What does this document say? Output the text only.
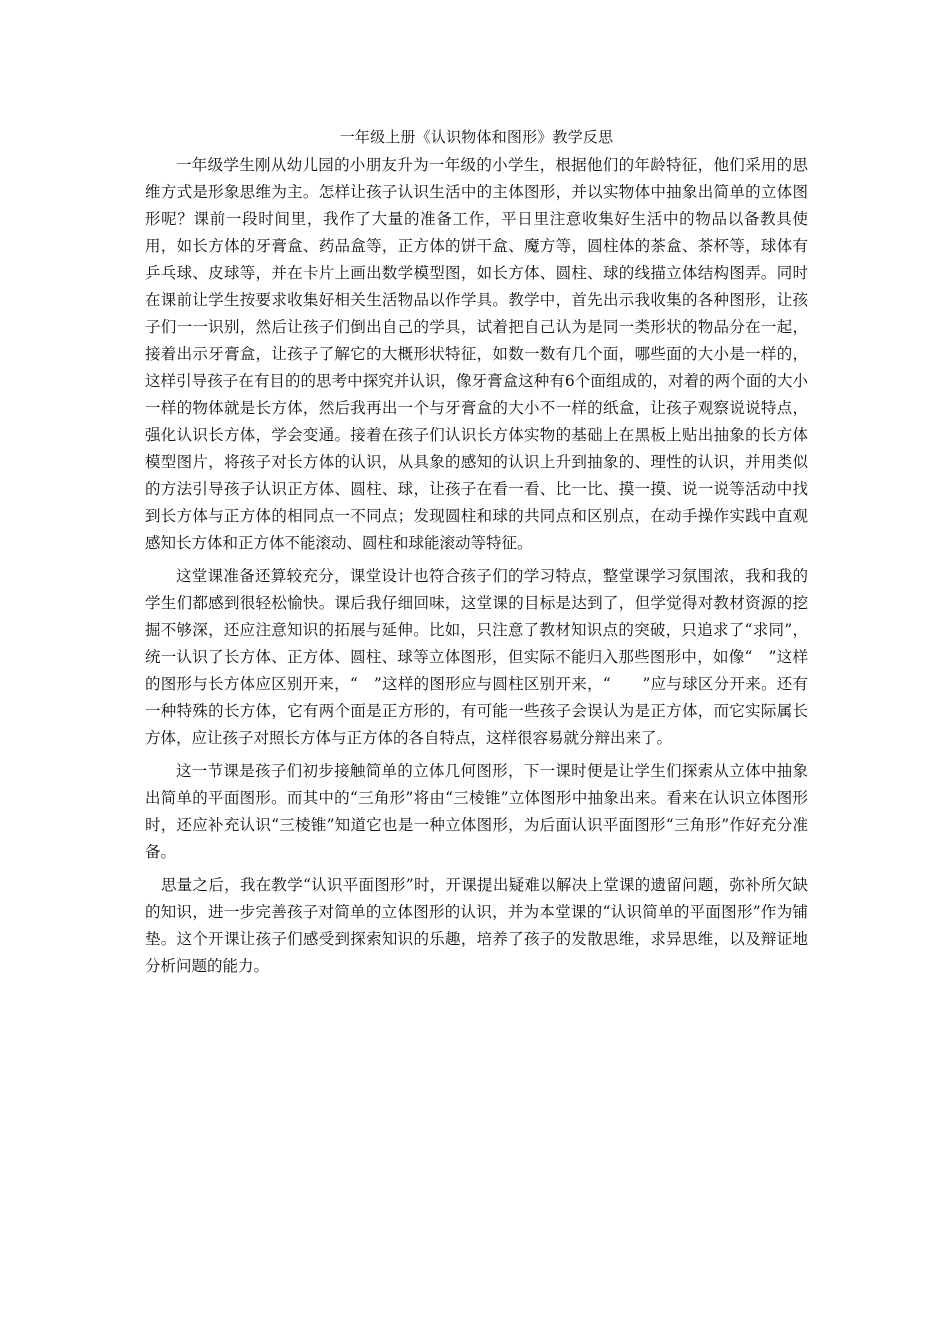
一年级上册《认识物体和图形》教学反思

一年级学生刚从幼儿园的小朋友升为一年级的小学生，根据他们的年龄特征，他们采用的思维方式是形象思维为主。怎样让孩子认识生活中的主体图形，并以实物体中抽象出简单的立体图形呢？课前一段时间里，我作了大量的准备工作，平日里注意收集好生活中的物品以备教具使用，如长方体的牙膏盒、药品盒等，正方体的饼干盒、魔方等，圆柱体的茶盒、茶杯等，球体有乒乓球、皮球等，并在卡片上画出数学模型图，如长方体、圆柱、球的线描立体结构图弄。同时在课前让学生按要求收集好相关生活物品以作学具。教学中，首先出示我收集的各种图形，让孩子们一一识别，然后让孩子们倒出自己的学具，试着把自己认为是同一类形状的物品分在一起，接着出示牙膏盒，让孩子了解它的大概形状特征，如数一数有几个面，哪些面的大小是一样的，这样引导孩子在有目的的思考中探究并认识，像牙膏盒这种有6个面组成的，对着的两个面的大小一样的物体就是长方体，然后我再出一个与牙膏盒的大小不一样的纸盒，让孩子观察说说特点，强化认识长方体，学会变通。接着在孩子们认识长方体实物的基础上在黑板上贴出抽象的长方体模型图片，将孩子对长方体的认识，从具象的感知的认识上升到抽象的、理性的认识，并用类似的方法引导孩子认识正方体、圆柱、球，让孩子在看一看、比一比、摸一摸、说一说等活动中找到长方体与正方体的相同点一不同点；发现圆柱和球的共同点和区别点，在动手操作实践中直观感知长方体和正方体不能滚动、圆柱和球能滚动等特征。

这堂课准备还算较充分，课堂设计也符合孩子们的学习特点，整堂课学习氛围浓，我和我的学生们都感到很轻松愉快。课后我仔细回味，这堂课的目标是达到了，但学觉得对教材资源的挖掘不够深，还应注意知识的拓展与延伸。比如，只注意了教材知识点的突破，只追求了“求同”，统一认识了长方体、正方体、圆柱、球等立体图形，但实际不能归入那些图形中，如像“　”这样的图形与长方体应区别开来，“　”这样的图形应与圆柱区别开来，“　　”应与球区分开来。还有一种特殊的长方体，它有两个面是正方形的，有可能一些孩子会误认为是正方体，而它实际属长方体，应让孩子对照长方体与正方体的各自特点，这样很容易就分辩出来了。

这一节课是孩子们初步接触简单的立体几何图形，下一课时便是让学生们探索从立体中抽象出简单的平面图形。而其中的“三角形”将由“三棱锥”立体图形中抽象出来。看来在认识立体图形时，还应补充认识“三棱锥”知道它也是一种立体图形，为后面认识平面图形“三角形”作好充分准备。

思量之后，我在教学“认识平面图形”时，开课提出疑难以解决上堂课的遗留问题，弥补所欠缺的知识，进一步完善孩子对简单的立体图形的认识，并为本堂课的“认识简单的平面图形”作为铺垫。这个开课让孩子们感受到探索知识的乐趣，培养了孩子的发散思维，求异思维，以及辩证地分析问题的能力。
